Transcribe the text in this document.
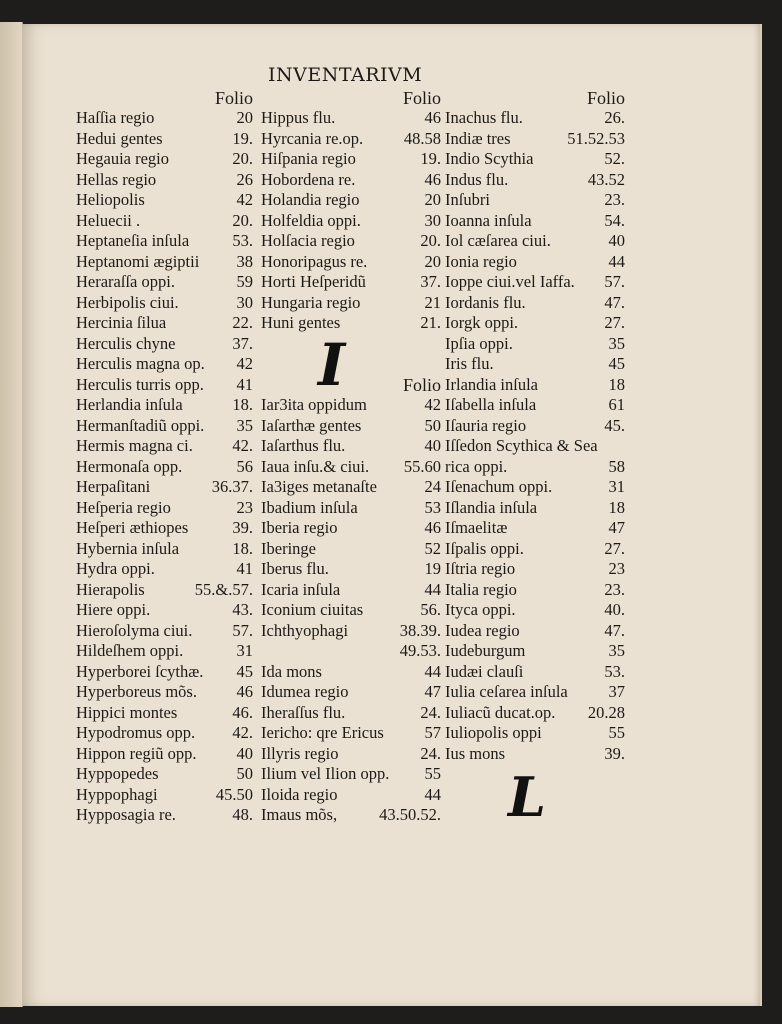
INVENTARIVM
Folio
Haſſia regio	20
Hedui gentes	19.
Hegauia regio	20.
Hellas regio	26
Heliopolis	42
Heluecii .	20.
Heptaneſia inſula	53.
Heptanomi ægiptii 38
Heraraſſa oppi.	59
Herbipolis ciui.	30
Hercinia ſilua	22.
Herculis chyne	37.
Herculis magna op. 42
Herculis turris opp. 41
Herlandia inſula	18.
Hermanſtadiũ oppi. 35
Hermis magna ci. 42.
Hermonaſa opp.	56
Herpaſitani	36.37.
Heſperia regio	23
Heſperi æthiopes	39.
Hybernia inſula	18.
Hydra oppi.	41
Hierapolis	55.&.57.
Hiere oppi.	43.
Hieroſolyma ciui. 57.
Hildeſhem oppi.	31
Hyperborei ſcythæ. 45
Hyperboreus mõs. 46
Hippici montes	46.
Hypodromus opp. 42.
Hippon regiũ opp. 40
Hyppopedes	50
Hyppophagi	45.50
Hypposagia re.	48.
Folio
Hippus flu.	46
Hyrcania re.op. 48.58
Hiſpania regio	19.
Hobordena re.	46
Holandia regio	20
Holfeldia oppi.	30
Holſacia regio	20.
Honoripagus re.	20
Horti Heſperidũ	37.
Hungaria regio	21
Huni gentes	21.
Folio
Iar3ita oppidum	42
Iaſarthæ gentes	50
Iaſarthus flu.	40
Iaua inſu.& ciui. 55.60
Ia3iges metanaſte	24
Ibadium inſula	53
Iberia regio	46
Iberinge	52
Iberus flu.	19
Icaria inſula	44
Iconium ciuitas	56.
Ichthyophagi	38.39.
49.53.
Ida mons	44
Idumea regio	47
Iheraſſus flu.	24.
Iericho: qre Ericus 57
Illyris regio	24.
Ilium vel Ilion opp. 55
Iloida regio	44
Imaus mõs,	43.50.52.
Folio
Inachus flu.	26.
Indiæ tres	51.52.53
Indio Scythia	52.
Indus flu.	43.52
Inſubri	23.
Ioanna inſula	54.
Iol cæſarea ciui.	40
Ionia regio	44
Ioppe ciui.vel Iaffa. 57.
Iordanis flu.	47.
Iorgk oppi.	27.
Ipſia oppi.	35
Iris flu.	45
Irlandia inſula	18
Iſabella inſula	61
Iſauria regio	45.
Iſſedon Scythica & Sea
rica oppi.	58
Iſenachum oppi.	31
Iſlandia inſula	18
Iſmaelitæ	47
Iſpalis oppi.	27.
Iſtria regio	23
Italia regio	23.
Ityca oppi.	40.
Iudea regio	47.
Iudeburgum	35
Iudæi clauſi	53.
Iulia ceſarea inſula 37
Iuliacũ ducat.op. 20.28
Iuliopolis oppi	55
Ius mons	39.
I
L
